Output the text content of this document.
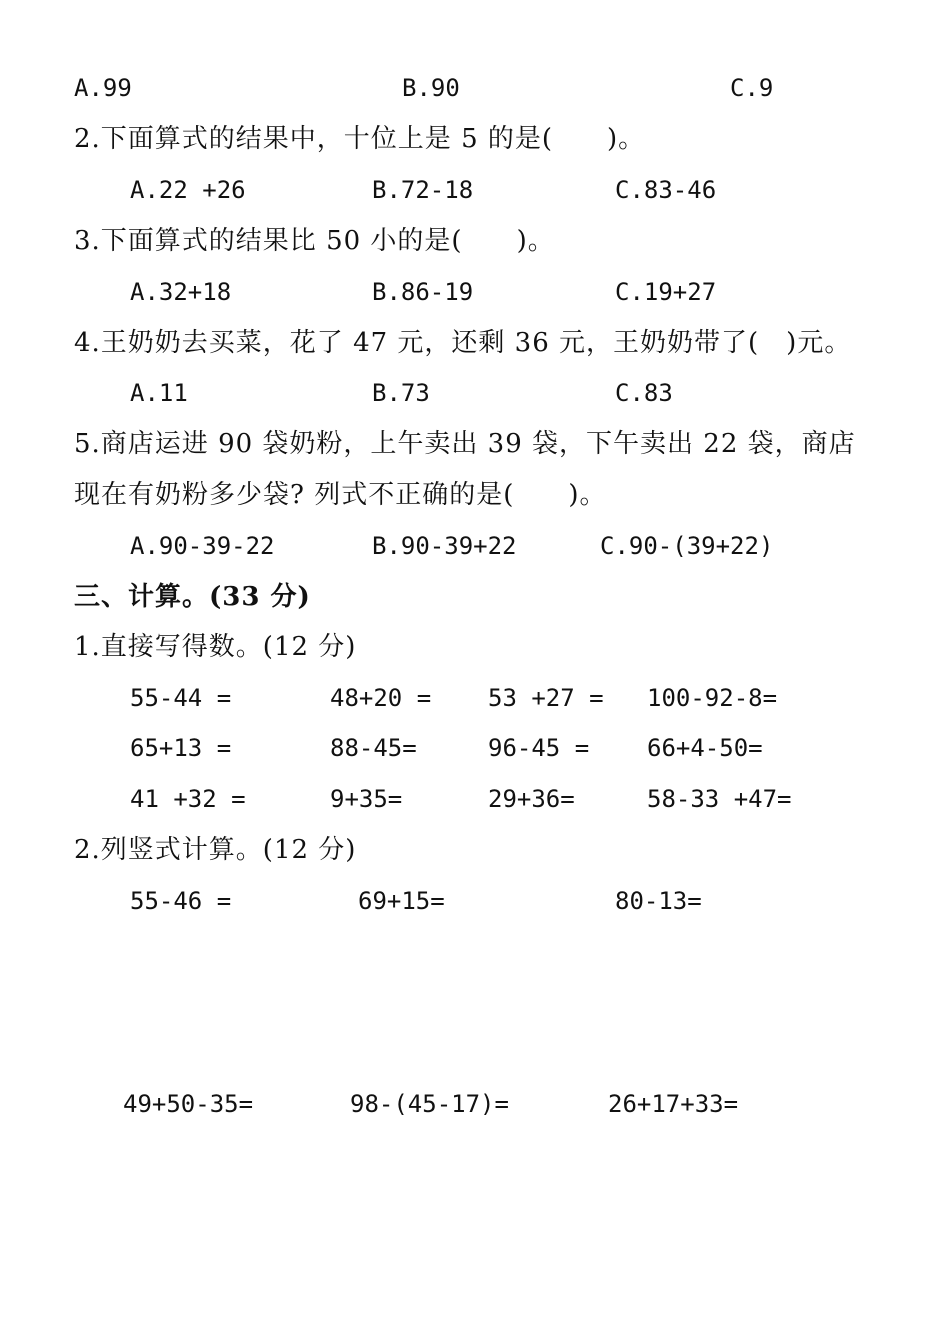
A.99	B.90	C.9
2.下面算式的结果中，十位上是 5 的是(　　)。
A.22 +26	B.72-18	C.83-46
3.下面算式的结果比 50 小的是(　　)。
A.32+18	B.86-19	C.19+27
4.王奶奶去买菜，花了 47 元，还剩 36 元，王奶奶带了(　)元。
A.11	B.73	C.83
5.商店运进 90 袋奶粉，上午卖出 39 袋，下午卖出 22 袋，商店
现在有奶粉多少袋? 列式不正确的是(　　)。
A.90-39-22	B.90-39+22	C.90-(39+22)
三、计算。(33 分)
1.直接写得数。(12 分)
55-44 =	48+20 = 53 +27 = 100-92-8=
65+13 =	88-45=	96-45 = 66+4-50=
41 +32 =	9+35=	29+36=	58-33 +47=
2.列竖式计算。(12 分)
55-46 =	69+15=	80-13=
49+50-35=	98-(45-17)=	26+17+33=
